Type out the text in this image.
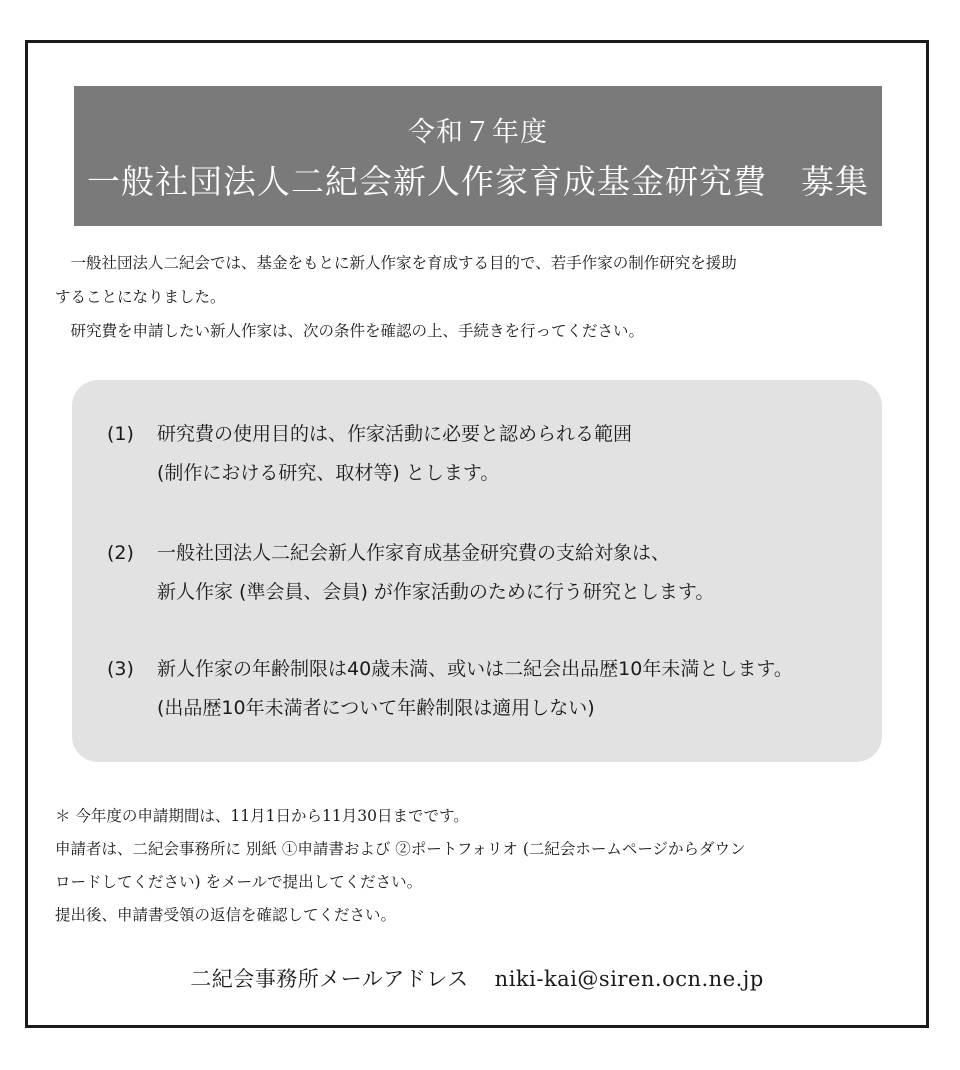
令和７年度
一般社団法人二紀会新人作家育成基金研究費　募集

一般社団法人二紀会では、基金をもとに新人作家を育成する目的で、若手作家の制作研究を援助

することになりました。

研究費を申請したい新人作家は、次の条件を確認の上、手続きを行ってください。

(1)	研究費の使用目的は、作家活動に必要と認められる範囲
(制作における研究、取材等) とします。
(2)	一般社団法人二紀会新人作家育成基金研究費の支給対象は、
新人作家 (準会員、会員) が作家活動のために行う研究とします。
(3)	新人作家の年齢制限は40歳未満、或いは二紀会出品歴10年未満とします。
(出品歴10年未満者について年齢制限は適用しない)

＊ 今年度の申請期間は、11月1日から11月30日までです。

申請者は、二紀会事務所に 別紙 ①申請書および ②ポートフォリオ (二紀会ホームページからダウン

ロードしてください) をメールで提出してください。

提出後、申請書受領の返信を確認してください。

二紀会事務所メールアドレス niki-kai@siren.ocn.ne.jp
